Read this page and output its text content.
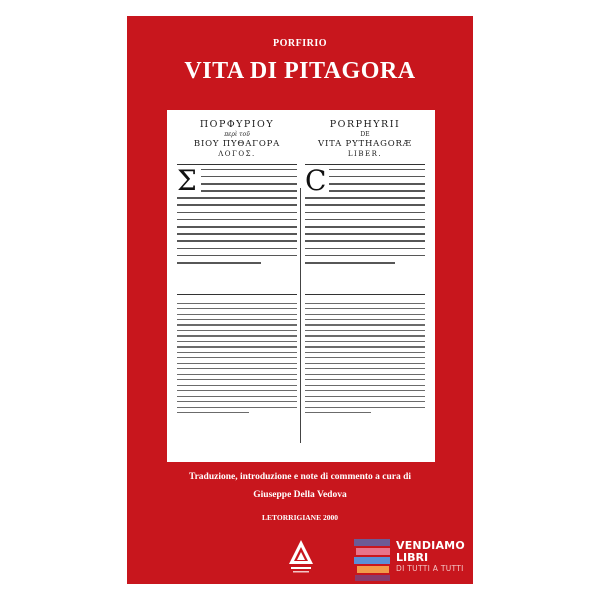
PORFIRIO
VITA DI PITAGORA
ΠΟΡΦΥΡΙΟΥ
περὶ τοῦ
ΒΙΟΥ ΠΥΘΑΓΟΡΑ
ΛΟΓΟΣ.
Σ
PORPHYRII
DE
VITA PYTHAGORÆ
LIBER.
C
Traduzione, introduzione e note di commento a cura di
Giuseppe Della Vedova
LETORRIGIANE 2000
VENDIAMO
LIBRI
DI TUTTI A TUTTI
